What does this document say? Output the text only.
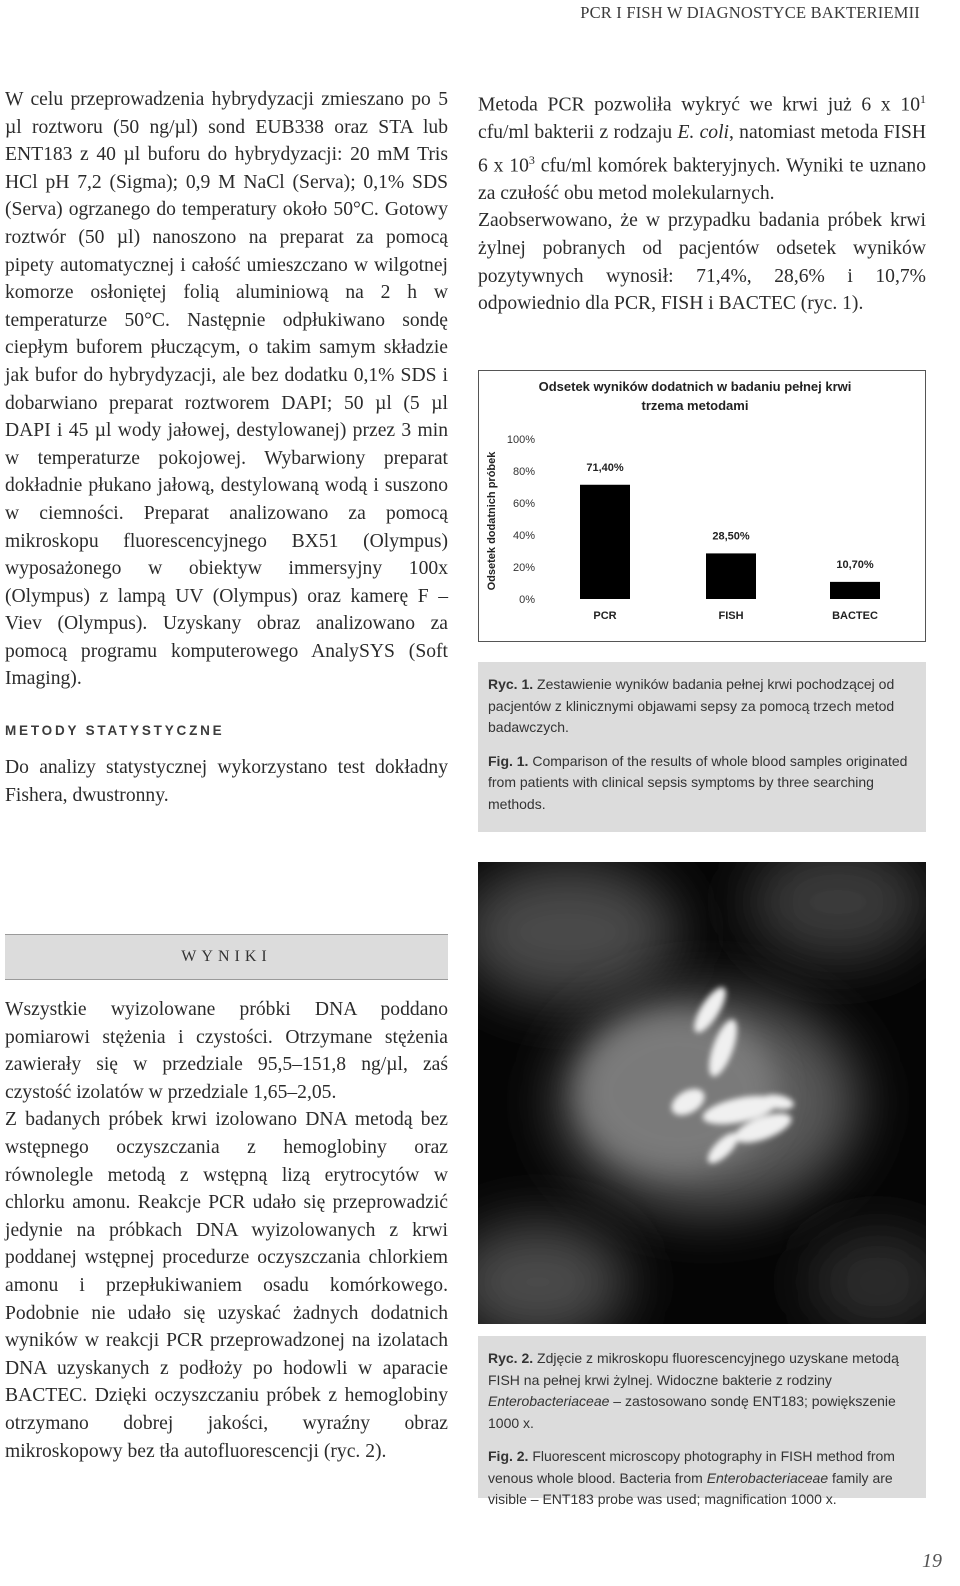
PCR I FISH W DIAGNOSTYCE BAKTERIEMII

W celu przeprowadzenia hybrydyzacji zmieszano po 5 µl roztworu (50 ng/µl) sond EUB338 oraz STA lub ENT183 z 40 µl buforu do hybrydyzacji: 20 mM Tris HCl pH 7,2 (Sigma); 0,9 M NaCl (Serva); 0,1% SDS (Serva) ogrzanego do temperatury około 50°C. Gotowy roztwór (50 µl) nanoszono na preparat za pomocą pipety automatycznej i całość umieszczano w wilgotnej komorze osłoniętej folią aluminiową na 2 h w temperaturze 50°C. Następnie odpłukiwano sondę ciepłym buforem płuczącym, o takim samym składzie jak bufor do hybrydyzacji, ale bez dodatku 0,1% SDS i dobarwiano preparat roztworem DAPI; 50 µl (5 µl DAPI i 45 µl wody jałowej, destylowanej) przez 3 min w temperaturze pokojowej. Wybarwiony preparat dokładnie płukano jałową, destylowaną wodą i suszono w ciemności. Preparat analizowano za pomocą mikroskopu fluorescencyjnego BX51 (Olympus) wyposażonego w obiektyw immersyjny 100x (Olympus) z lampą UV (Olympus) oraz kamerę F – Viev (Olympus). Uzyskany obraz analizowano za pomocą programu komputerowego AnalySYS (Soft Imaging).

METODY STATYSTYCZNE

Do analizy statystycznej wykorzystano test dokładny Fishera, dwustronny.

WYNIKI

Wszystkie wyizolowane próbki DNA poddano pomiarowi stężenia i czystości. Otrzymane stężenia zawierały się w przedziale 95,5–151,8 ng/µl, zaś czystość izolatów w przedziale 1,65–2,05.

Z badanych próbek krwi izolowano DNA metodą bez wstępnego oczyszczania z hemoglobiny oraz równolegle metodą z wstępną lizą erytrocytów w chlorku amonu. Reakcje PCR udało się przeprowadzić jedynie na próbkach DNA wyizolowanych z krwi poddanej wstępnej procedurze oczyszczania chlorkiem amonu i przepłukiwaniem osadu komórkowego. Podobnie nie udało się uzyskać żadnych dodatnich wyników w reakcji PCR przeprowadzonej na izolatach DNA uzyskanych z podłoży po hodowli w aparacie BACTEC. Dzięki oczyszczaniu próbek z hemoglobiny otrzymano dobrej jakości, wyraźny obraz mikroskopowy bez tła autofluorescencji (ryc. 2).

Metoda PCR pozwoliła wykryć we krwi już 6 x $10^1$ cfu/ml bakterii z rodzaju E. coli, natomiast metoda FISH 6 x $10^3$ cfu/ml komórek bakteryjnych. Wyniki te uznano za czułość obu metod molekularnych.

Zaobserwowano, że w przypadku badania próbek krwi żylnej pobranych od pacjentów odsetek wyników pozytywnych wynosił: 71,4%, 28,6% i 10,7% odpowiednio dla PCR, FISH i BACTEC (ryc. 1).

Odsetek wyników dodatnich w badaniu pełnej krwi
trzema metodami
Odsetek dodatnich próbek
0%
20%
40%
60%
80%
100%
71,40%
28,50%
10,70%
PCR	FISH	BACTEC

Ryc. 1. Zestawienie wyników badania pełnej krwi pochodzącej od pacjentów z klinicznymi objawami sepsy za pomocą trzech metod badawczych.

Fig. 1. Comparison of the results of whole blood samples originated from patients with clinical sepsis symptoms by three searching methods.

Ryc. 2. Zdjęcie z mikroskopu fluorescencyjnego uzyskane metodą FISH na pełnej krwi żylnej. Widoczne bakterie z rodziny Enterobacteriaceae – zastosowano sondę ENT183; powiększenie 1000 x.

Fig. 2. Fluorescent microscopy photography in FISH method from venous whole blood. Bacteria from Enterobacteriaceae family are visible – ENT183 probe was used; magnification 1000 x.

19
